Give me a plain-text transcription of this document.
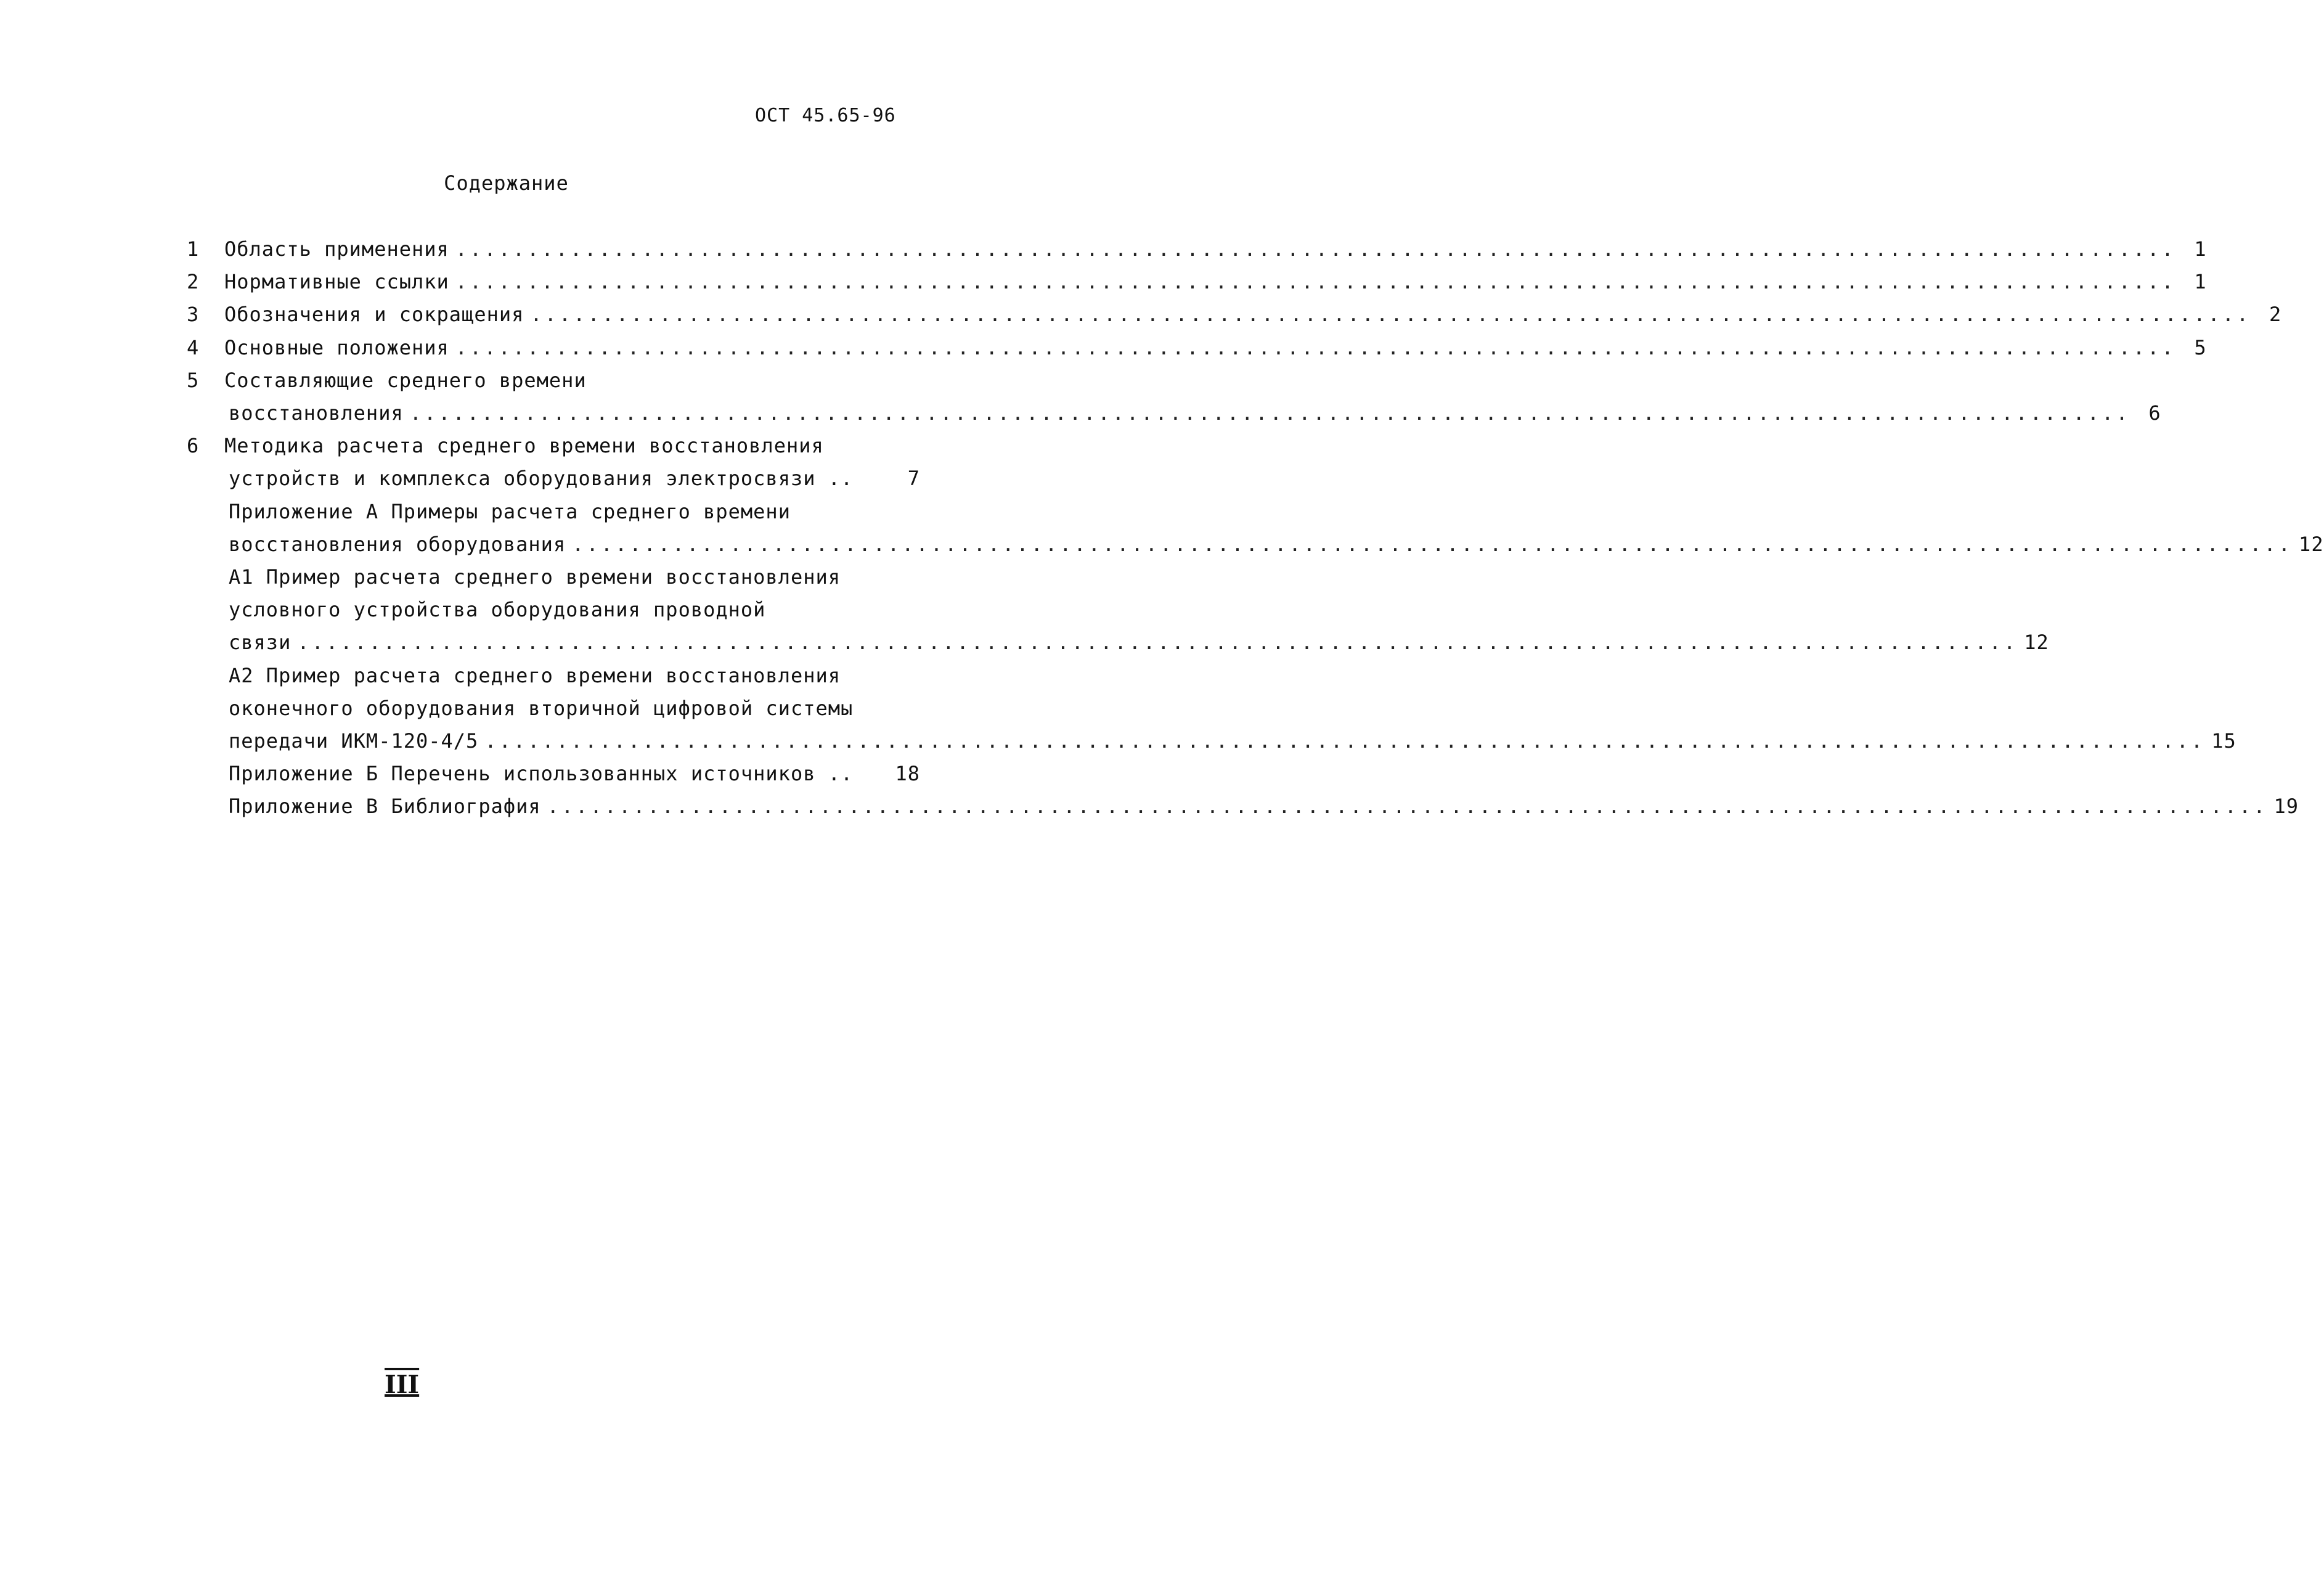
ОСТ 45.65-96
Содержание
1 Область применения ........................................................................................................................ 1
2 Нормативные ссылки ........................................................................................................................ 1
3 Обозначения и сокращения ........................................................................................................................ 2
4 Основные положения ........................................................................................................................ 5
5 Составляющие среднего времени
восстановления ........................................................................................................................ 6
6 Методика расчета среднего времени восстановления
устройств и комплекса оборудования электросвязи ..	7
Приложение А Примеры расчета среднего времени
восстановления оборудования ........................................................................................................................ 12
А1 Пример расчета среднего времени восстановления
условного устройства оборудования проводной
связи ........................................................................................................................ 12
А2 Пример расчета среднего времени восстановления
оконечного оборудования вторичной цифровой системы
передачи ИКМ-120-4/5 ........................................................................................................................ 15
Приложение Б Перечень использованных источников .. 18
Приложение В Библиография ........................................................................................................................ 19
III
